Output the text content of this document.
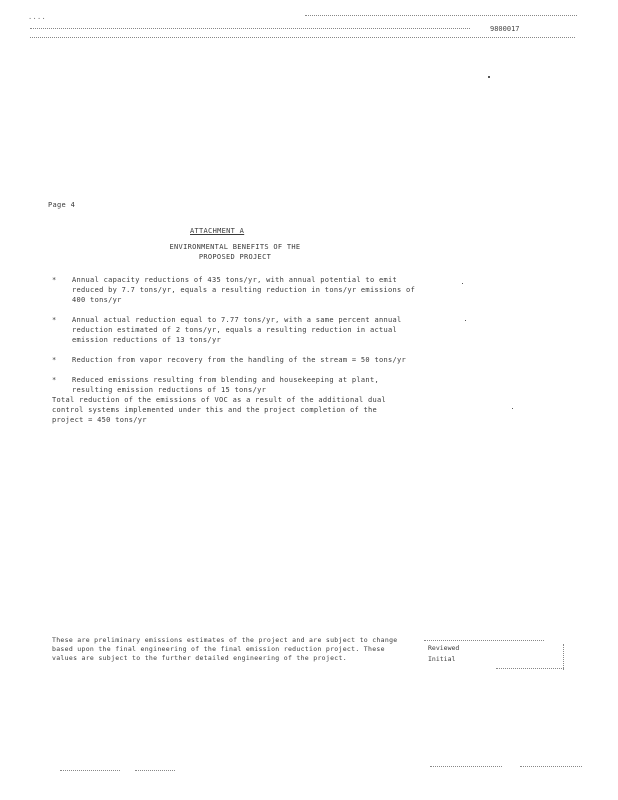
....
9800017
Page 4
ATTACHMENT A
ENVIRONMENTAL BENEFITS OF THE
PROPOSED PROJECT
* Annual capacity reductions of 435 tons/yr, with annual potential to emit reduced by 7.7 tons/yr, equals a resulting reduction in tons/yr emissions of 400 tons/yr
* Annual actual reduction equal to 7.77 tons/yr, with a same percent annual reduction estimated of 2 tons/yr, equals a resulting reduction in actual emission reductions of 13 tons/yr
* Reduction from vapor recovery from the handling of the stream = 50 tons/yr
* Reduced emissions resulting from blending and housekeeping at plant, resulting emission reductions of 15 tons/yr
Total reduction of the emissions of VOC as a result of the additional dual control systems implemented under this and the project completion of the project = 450 tons/yr
These are preliminary emissions estimates of the project and are subject to change based upon the final engineering of the final emission reduction project. These values are subject to the further detailed engineering of the project.
Reviewed
Initial
